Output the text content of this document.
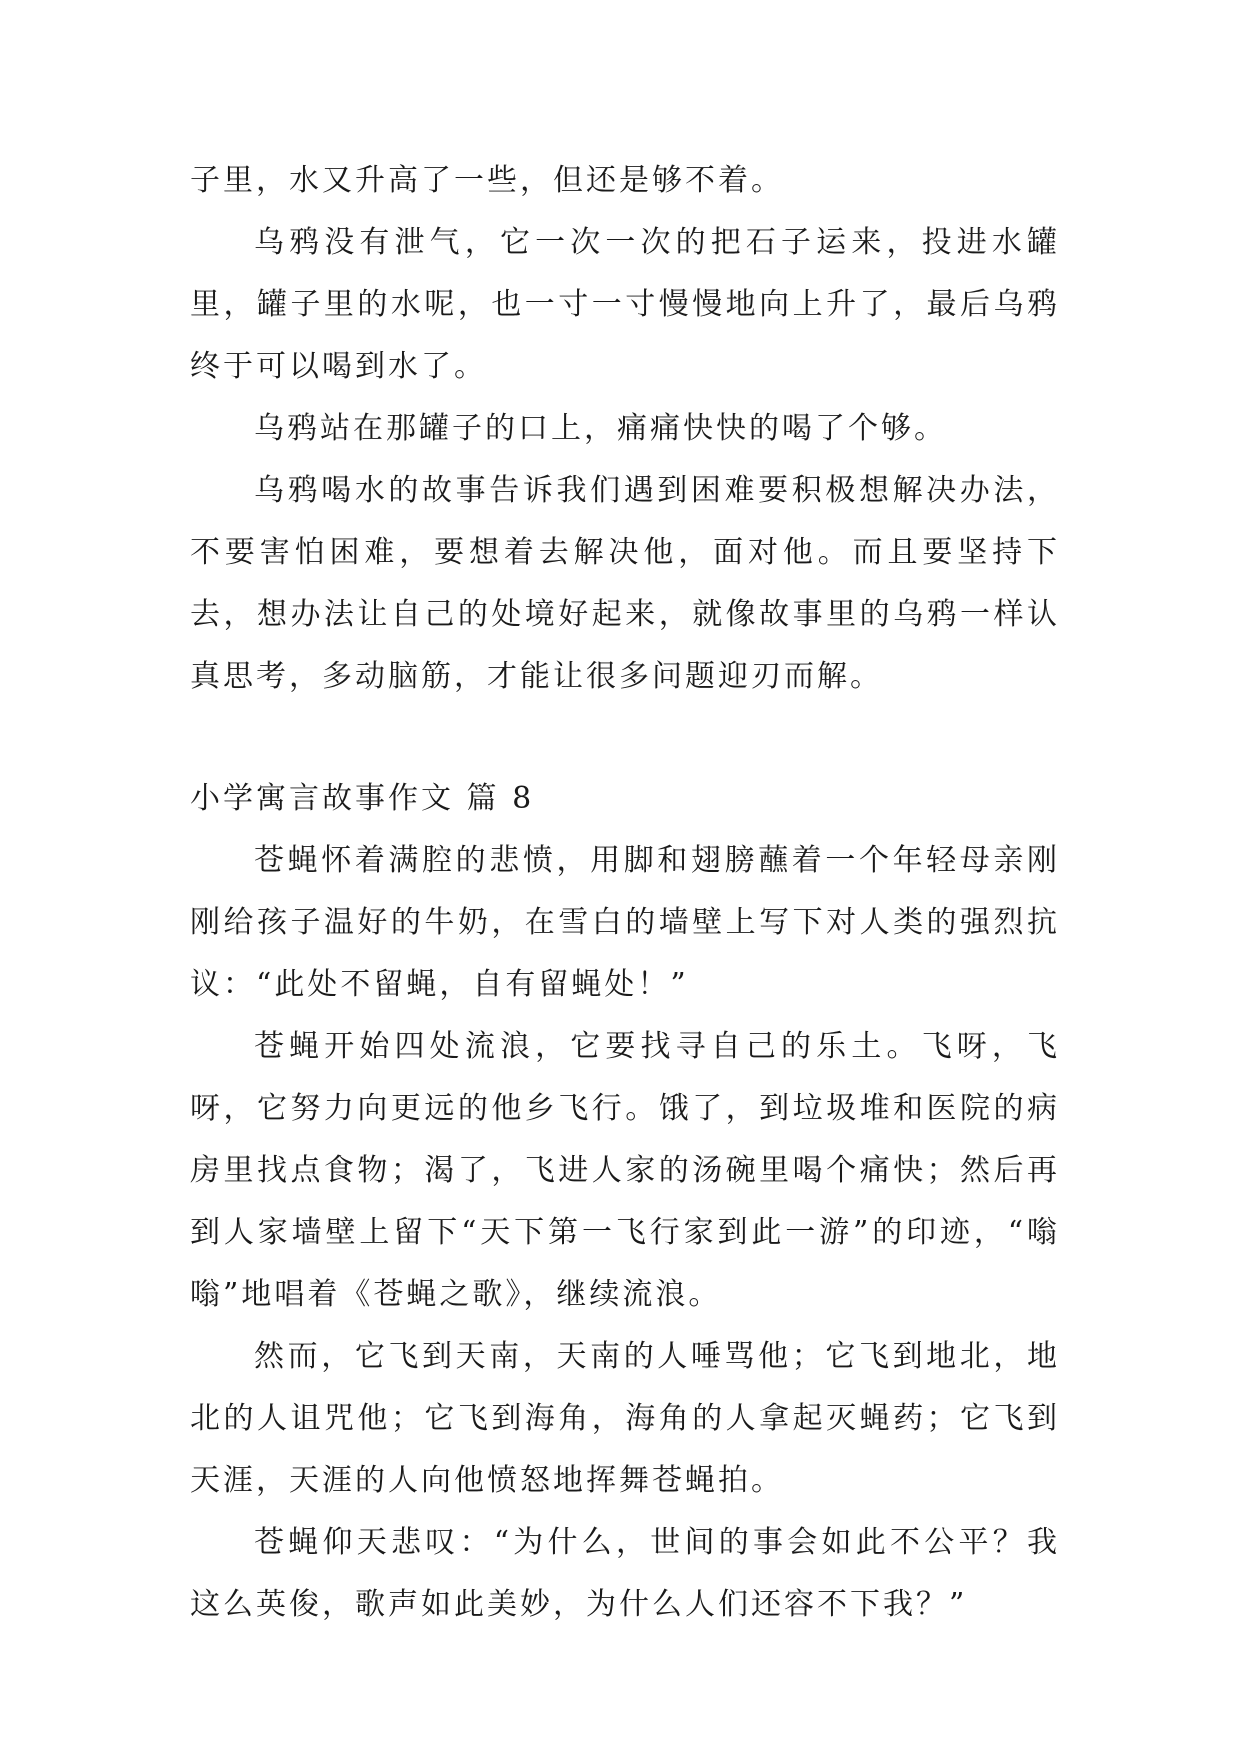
子里，水又升高了一些，但还是够不着。

乌鸦没有泄气，它一次一次的把石子运来，投进水罐里，罐子里的水呢，也一寸一寸慢慢地向上升了，最后乌鸦终于可以喝到水了。

乌鸦站在那罐子的口上，痛痛快快的喝了个够。

乌鸦喝水的故事告诉我们遇到困难要积极想解决办法，不要害怕困难，要想着去解决他，面对他。而且要坚持下去，想办法让自己的处境好起来，就像故事里的乌鸦一样认真思考，多动脑筋，才能让很多问题迎刃而解。

小学寓言故事作文 篇 8

苍蝇怀着满腔的悲愤，用脚和翅膀蘸着一个年轻母亲刚刚给孩子温好的牛奶，在雪白的墙壁上写下对人类的强烈抗议：“此处不留蝇，自有留蝇处！”

苍蝇开始四处流浪，它要找寻自己的乐土。飞呀，飞呀，它努力向更远的他乡飞行。饿了，到垃圾堆和医院的病房里找点食物；渴了，飞进人家的汤碗里喝个痛快；然后再到人家墙壁上留下“天下第一飞行家到此一游”的印迹，“嗡嗡”地唱着《苍蝇之歌》，继续流浪。

然而，它飞到天南，天南的人唾骂他；它飞到地北，地北的人诅咒他；它飞到海角，海角的人拿起灭蝇药；它飞到天涯，天涯的人向他愤怒地挥舞苍蝇拍。

苍蝇仰天悲叹：“为什么，世间的事会如此不公平？我这么英俊，歌声如此美妙，为什么人们还容不下我？”
